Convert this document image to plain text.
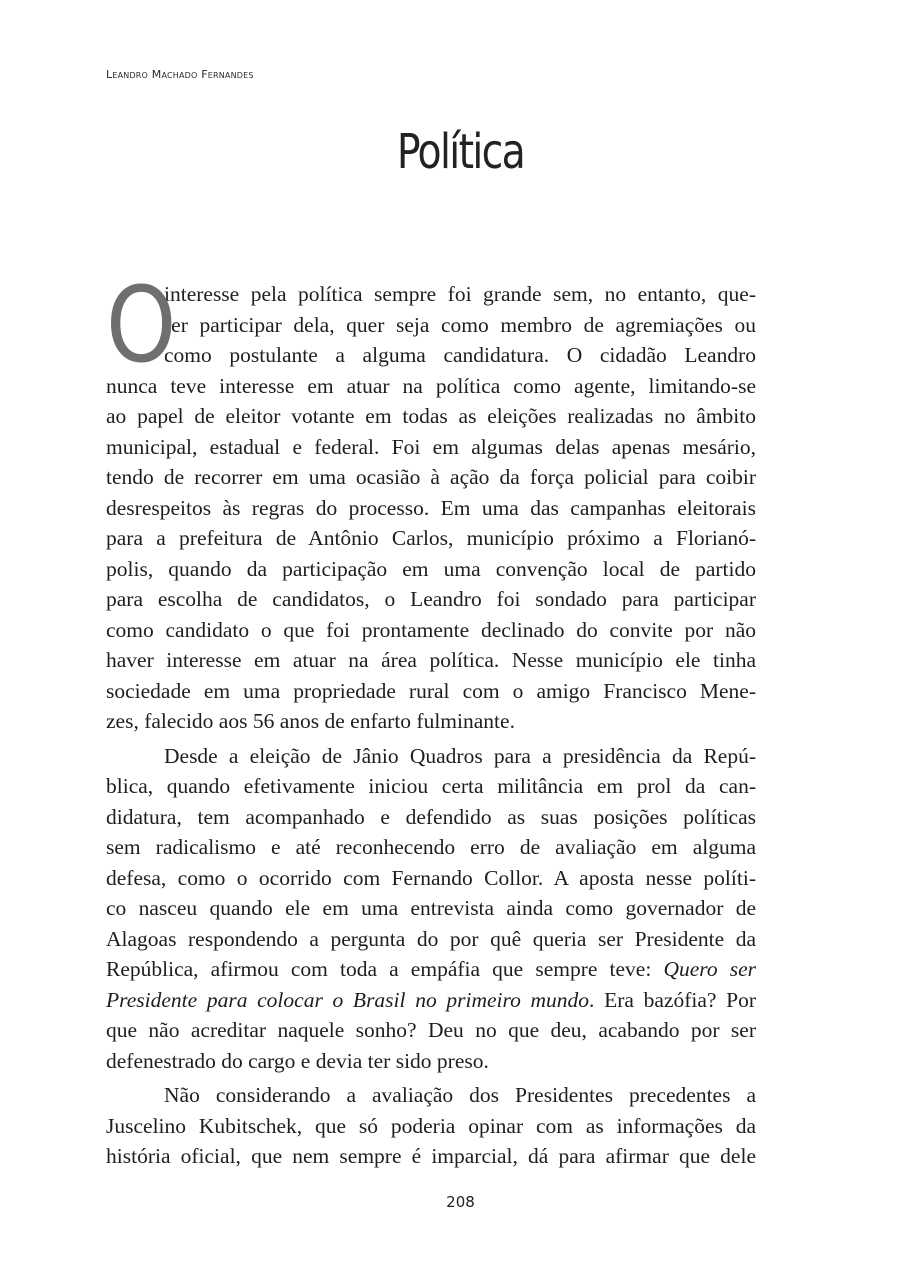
Leandro Machado Fernandes
Política
O
interesse pela política sempre foi grande sem, no entanto, que-
rer participar dela, quer seja como membro de agremiações ou
como postulante a alguma candidatura. O cidadão Leandro
nunca teve interesse em atuar na política como agente, limitando-se
ao papel de eleitor votante em todas as eleições realizadas no âmbito
municipal, estadual e federal. Foi em algumas delas apenas mesário,
tendo de recorrer em uma ocasião à ação da força policial para coibir
desrespeitos às regras do processo. Em uma das campanhas eleitorais
para a prefeitura de Antônio Carlos, município próximo a Florianó-
polis, quando da participação em uma convenção local de partido
para escolha de candidatos, o Leandro foi sondado para participar
como candidato o que foi prontamente declinado do convite por não
haver interesse em atuar na área política. Nesse município ele tinha
sociedade em uma propriedade rural com o amigo Francisco Mene-
zes, falecido aos 56 anos de enfarto fulminante.
Desde a eleição de Jânio Quadros para a presidência da Repú-
blica, quando efetivamente iniciou certa militância em prol da can-
didatura, tem acompanhado e defendido as suas posições políticas
sem radicalismo e até reconhecendo erro de avaliação em alguma
defesa, como o ocorrido com Fernando Collor. A aposta nesse políti-
co nasceu quando ele em uma entrevista ainda como governador de
Alagoas respondendo a pergunta do por quê queria ser Presidente da
República, afirmou com toda a empáfia que sempre teve: Quero ser
Presidente para colocar o Brasil no primeiro mundo. Era bazófia? Por
que não acreditar naquele sonho? Deu no que deu, acabando por ser
defenestrado do cargo e devia ter sido preso.
Não considerando a avaliação dos Presidentes precedentes a
Juscelino Kubitschek, que só poderia opinar com as informações da
história oficial, que nem sempre é imparcial, dá para afirmar que dele
208
